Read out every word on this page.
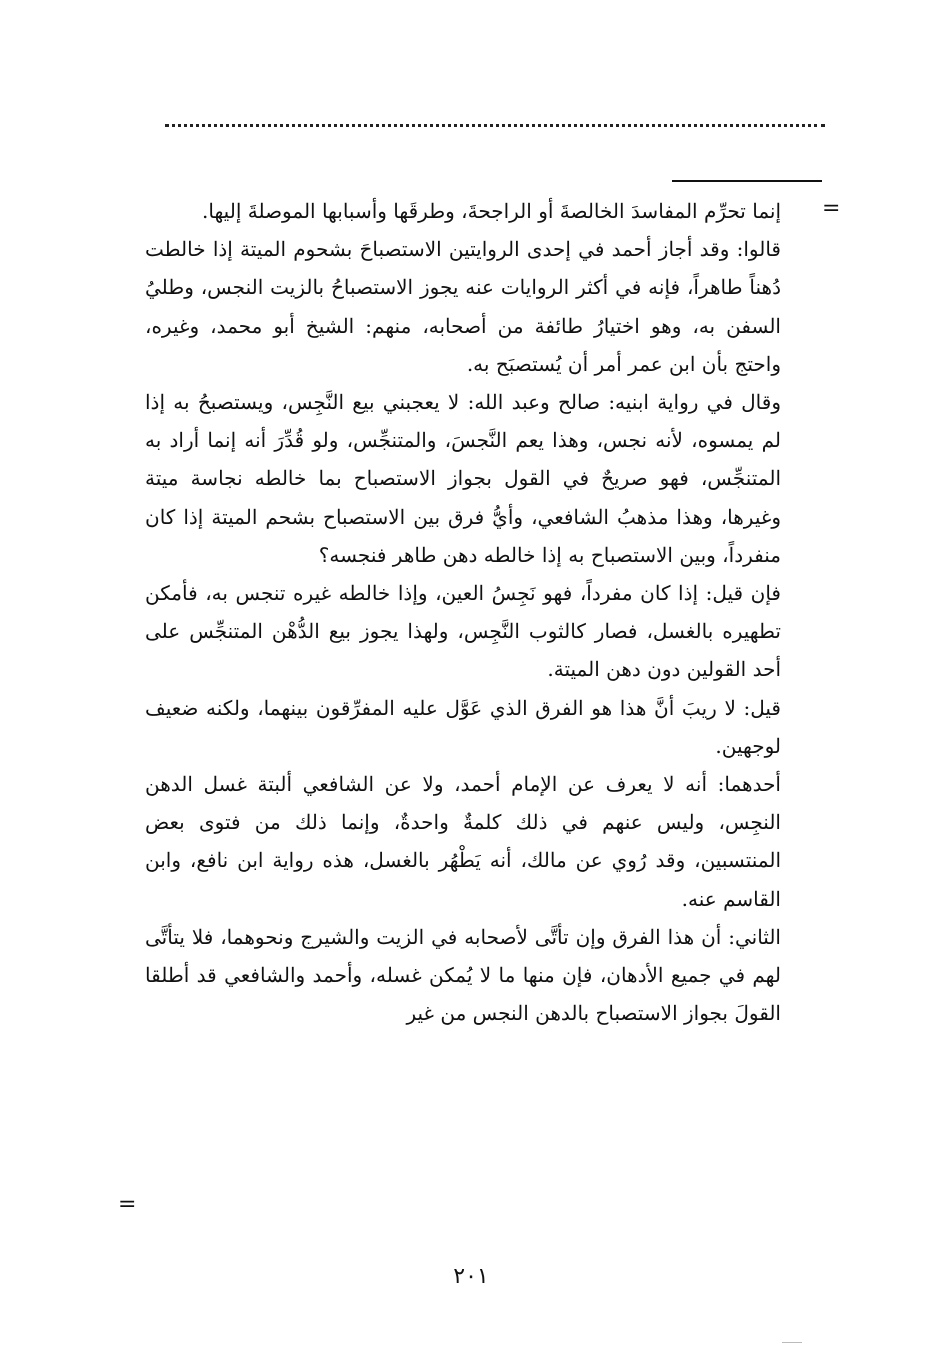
=

إنما تحرِّم المفاسدَ الخالصةَ أو الراجحةَ، وطرقَها وأسبابها الموصلةَ إليها.

قالوا: وقد أجاز أحمد في إحدى الروايتين الاستصباحَ بشحوم الميتة إذا خالطت دُهناً طاهراً، فإنه في أكثر الروايات عنه يجوز الاستصباحُ بالزيت النجس، وطليُ السفن به، وهو اختيارُ طائفة من أصحابه، منهم: الشيخ أبو محمد، وغيره، واحتج بأن ابن عمر أمر أن يُستصبَح به.

وقال في رواية ابنيه: صالح وعبد الله: لا يعجبني بيع النَّجِس، ويستصبحُ به إذا لم يمسوه، لأنه نجس، وهذا يعم النَّجسَ، والمتنجِّس، ولو قُدِّرَ أنه إنما أراد به المتنجِّس، فهو صريحٌ في القول بجواز الاستصباح بما خالطه نجاسة ميتة وغيرها، وهذا مذهبُ الشافعي، وأيُّ فرق بين الاستصباح بشحم الميتة إذا كان منفرداً، وبين الاستصباح به إذا خالطه دهن طاهر فنجسه؟

فإن قيل: إذا كان مفرداً، فهو نَجِسُ العين، وإذا خالطه غيره تنجس به، فأمكن تطهيره بالغسل، فصار كالثوب النَّجِس، ولهذا يجوز بيع الدُّهْن المتنجِّس على أحد القولين دون دهن الميتة.

قيل: لا ريبَ أنَّ هذا هو الفرق الذي عَوَّل عليه المفرِّقون بينهما، ولكنه ضعيف لوجهين.

أحدهما: أنه لا يعرف عن الإمام أحمد، ولا عن الشافعي ألبتة غسل الدهن النجِس، وليس عنهم في ذلك كلمةٌ واحدةٌ، وإنما ذلك من فتوى بعض المنتسبين، وقد رُوي عن مالك، أنه يَطْهُر بالغسل، هذه رواية ابن نافع، وابن القاسم عنه.

الثاني: أن هذا الفرق وإن تأتَّى لأصحابه في الزيت والشيرج ونحوهما، فلا يتأتَّى لهم في جميع الأدهان، فإن منها ما لا يُمكن غسله، وأحمد والشافعي قد أطلقا القولَ بجواز الاستصباح بالدهن النجس من غير

=
٢٠١
